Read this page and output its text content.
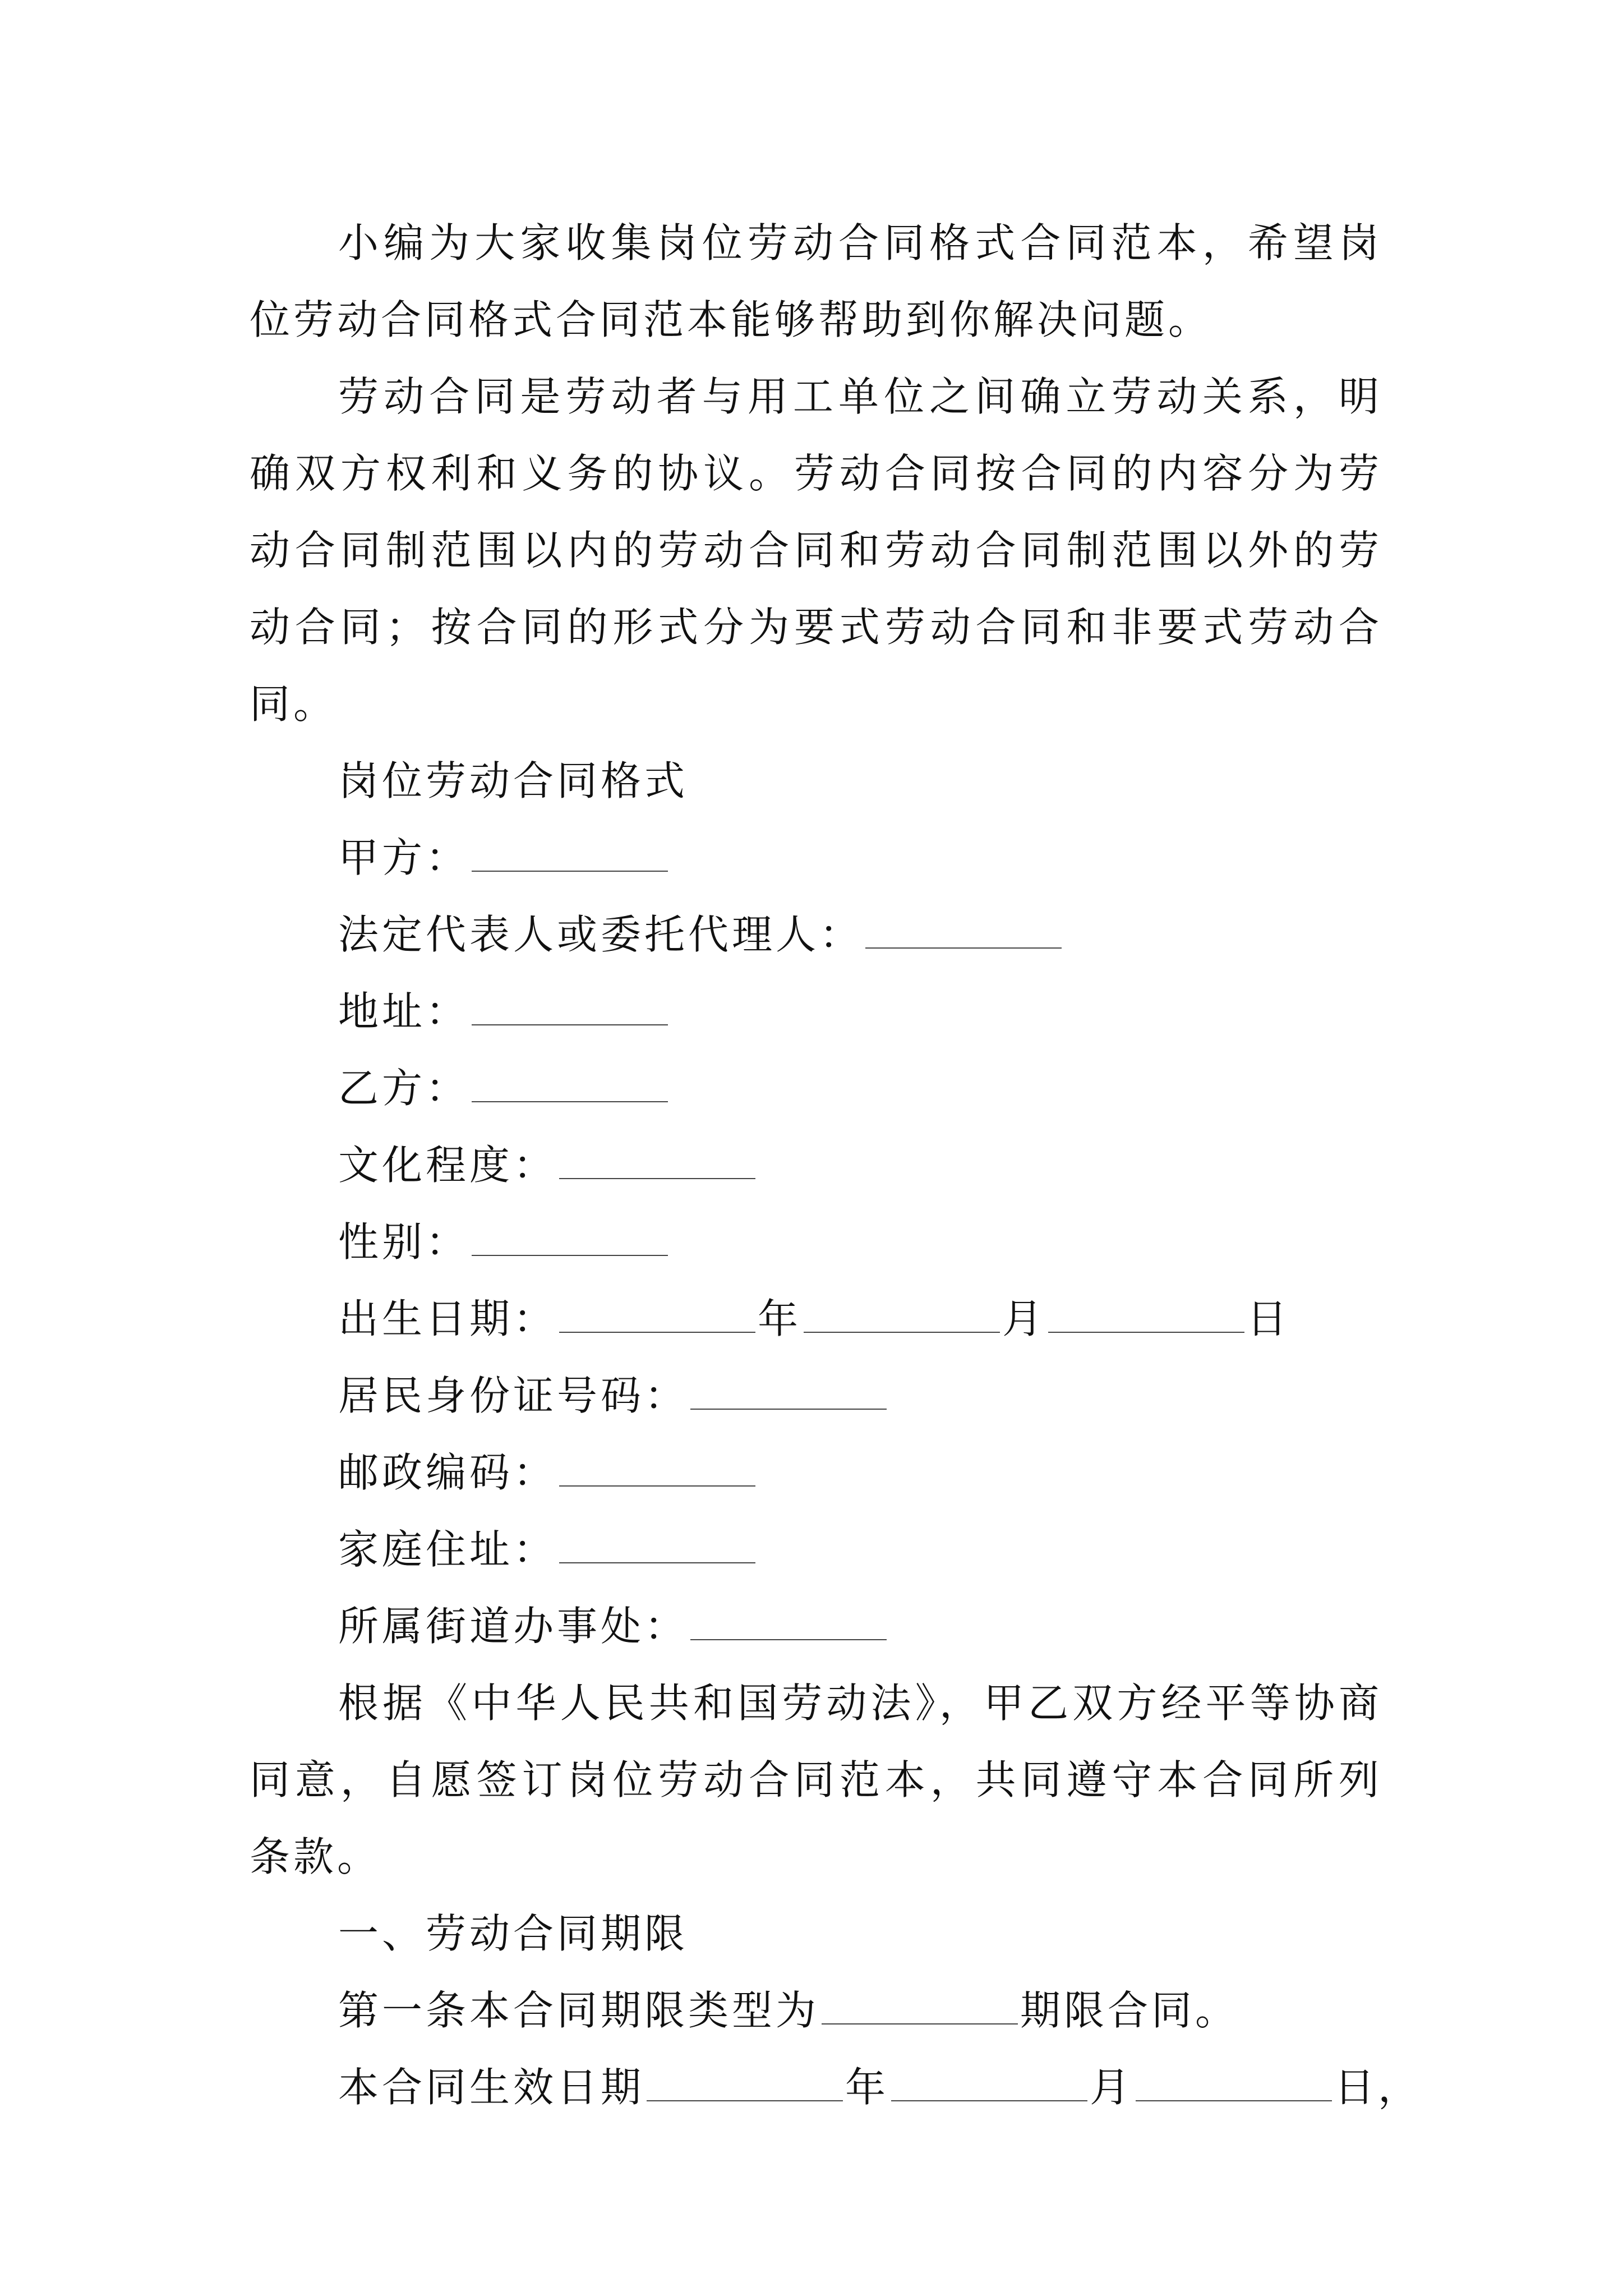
小编为大家收集岗位劳动合同格式合同范本，希望岗位劳动合同格式合同范本能够帮助到你解决问题。

劳动合同是劳动者与用工单位之间确立劳动关系，明确双方权利和义务的协议。劳动合同按合同的内容分为劳动合同制范围以内的劳动合同和劳动合同制范围以外的劳动合同；按合同的形式分为要式劳动合同和非要式劳动合同。

岗位劳动合同格式

甲方：

法定代表人或委托代理人：

地址：

乙方：

文化程度：

性别：

出生日期：	年	月	日

居民身份证号码：

邮政编码：

家庭住址：

所属街道办事处：

根据《中华人民共和国劳动法》，甲乙双方经平等协商同意，自愿签订岗位劳动合同范本，共同遵守本合同所列条款。

一、劳动合同期限

第一条本合同期限类型为	期限合同。

本合同生效日期	年	月	日，
